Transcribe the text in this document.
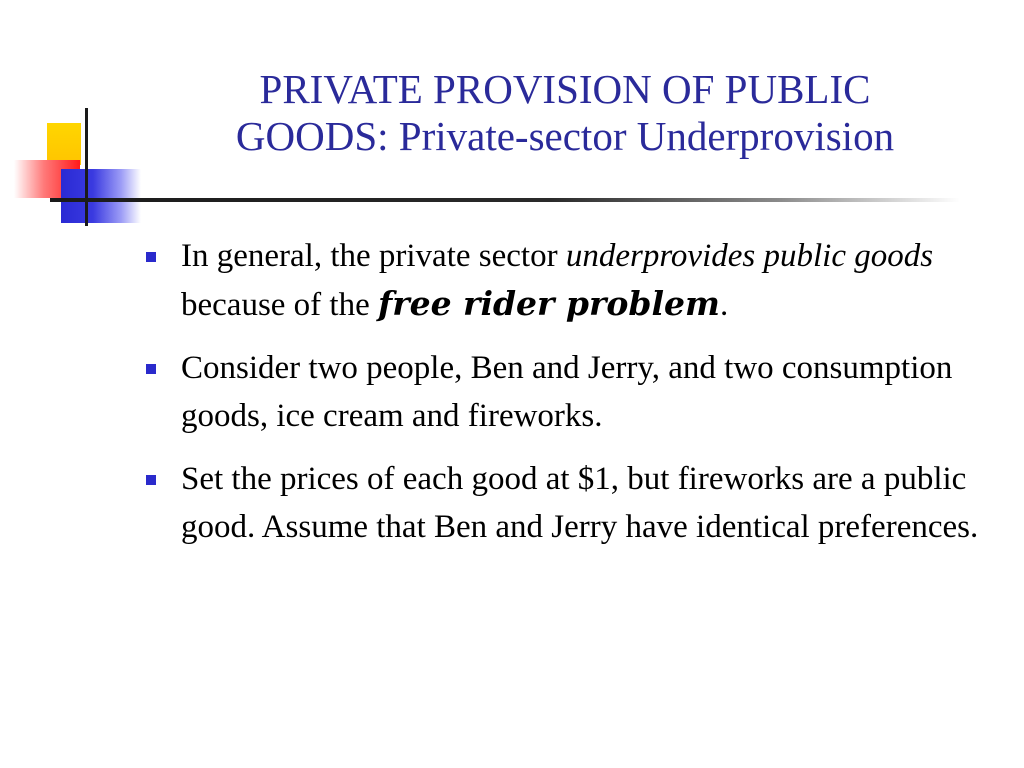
PRIVATE PROVISION OF PUBLIC
GOODS: Private-sector Underprovision
In general, the private sector underprovides public goods because of the free rider problem.
Consider two people, Ben and Jerry, and two consumption goods, ice cream and fireworks.
Set the prices of each good at $1, but fireworks are a public good. Assume that Ben and Jerry have identical preferences.
